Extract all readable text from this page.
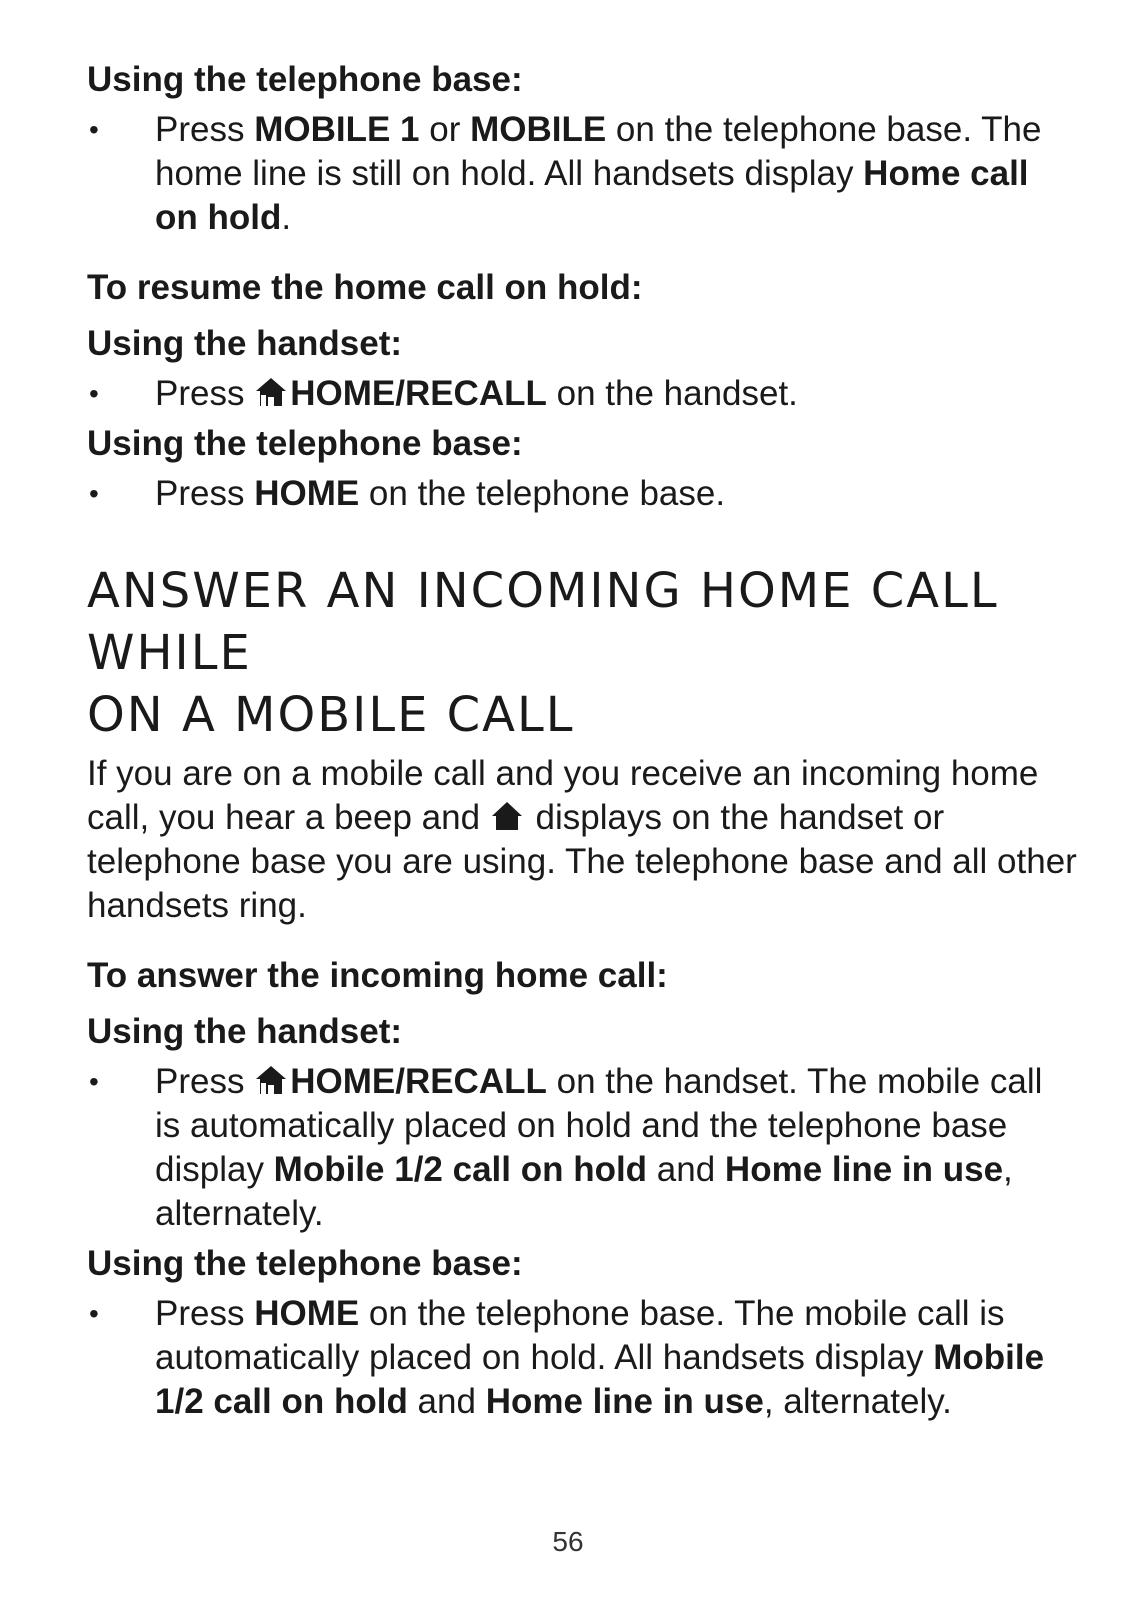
Using the telephone base:

• Press MOBILE 1 or MOBILE on the telephone base. The home line is still on hold. All handsets display Home call on hold.

To resume the home call on hold:

Using the handset:

• Press
HOME/RECALL on the handset.

Using the telephone base:

• Press HOME on the telephone base.

ANSWER AN INCOMING HOME CALL WHILE
ON A MOBILE CALL

If you are on a mobile call and you receive an incoming home call, you hear a beep and
displays on the handset or telephone base you are using. The telephone base and all other handsets ring.

To answer the incoming home call:

Using the handset:

• Press
HOME/RECALL on the handset. The mobile call is automatically placed on hold and the telephone base display Mobile 1/2 call on hold and Home line in use, alternately.

Using the telephone base:

• Press HOME on the telephone base. The mobile call is automatically placed on hold. All handsets display Mobile 1/2 call on hold and Home line in use, alternately.

56
